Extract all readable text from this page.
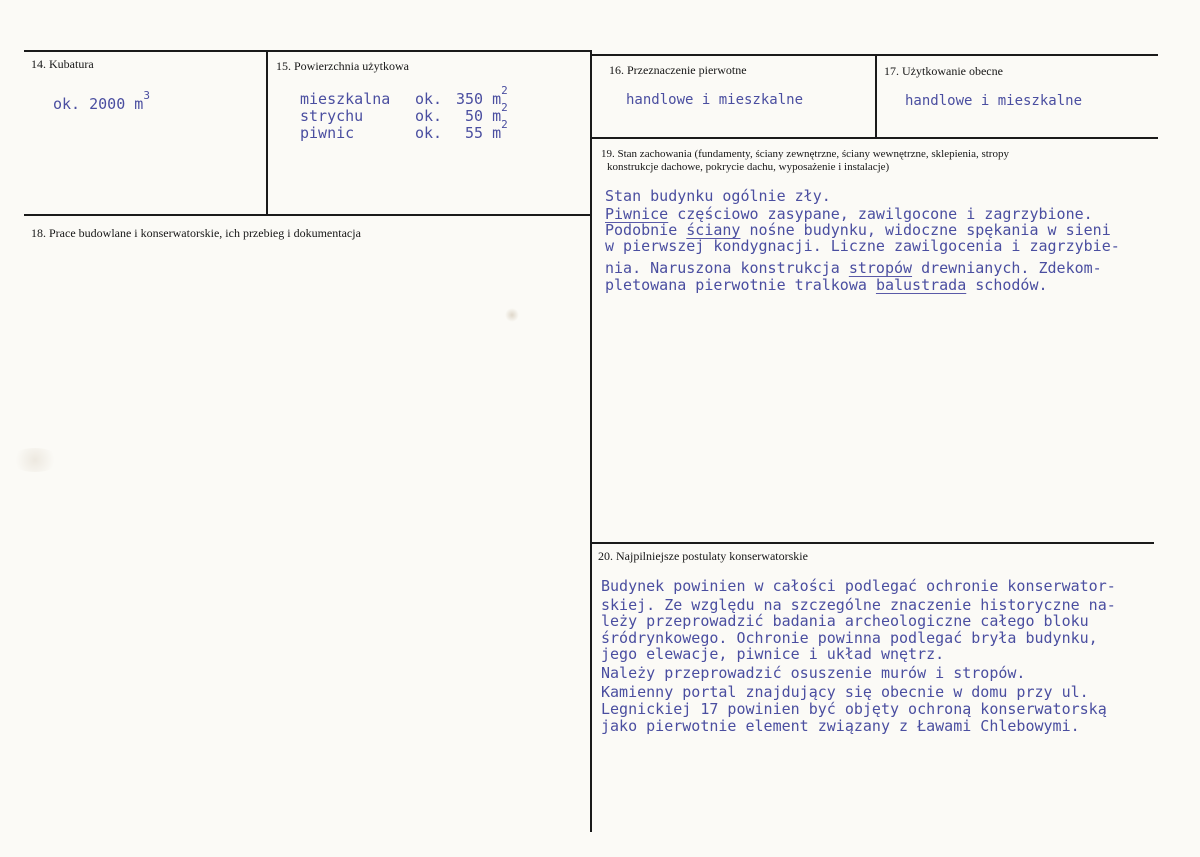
14. Kubatura
ok. 2000 $m^3$
15. Powierzchnia użytkowa
mieszkalna ok. 350 $m^2$
strychu	ok. 50 $m^2$
piwnic	ok. 55 $m^2$
16. Przeznaczenie pierwotne
handlowe i mieszkalne
17. Użytkowanie obecne
handlowe i mieszkalne
18. Prace budowlane i konserwatorskie, ich przebieg i dokumentacja
19. Stan zachowania (fundamenty, ściany zewnętrzne, ściany wewnętrzne, sklepienia, stropy
konstrukcje dachowe, pokrycie dachu, wyposażenie i instalacje)
Stan budynku ogólnie zły.
Piwnice częściowo zasypane, zawilgocone i zagrzybione.
Podobnie ściany nośne budynku, widoczne spękania w sieni
w pierwszej kondygnacji. Liczne zawilgocenia i zagrzybie-
nia. Naruszona konstrukcja stropów drewnianych. Zdekom-
pletowana pierwotnie tralkowa balustrada schodów.
20. Najpilniejsze postulaty konserwatorskie
Budynek powinien w całości podlegać ochronie konserwator-
skiej. Ze względu na szczególne znaczenie historyczne na-
leży przeprowadzić badania archeologiczne całego bloku
śródrynkowego. Ochronie powinna podlegać bryła budynku,
jego elewacje, piwnice i układ wnętrz.
Należy przeprowadzić osuszenie murów i stropów.
Kamienny portal znajdujący się obecnie w domu przy ul.
Legnickiej 17 powinien być objęty ochroną konserwatorską
jako pierwotnie element związany z Ławami Chlebowymi.
